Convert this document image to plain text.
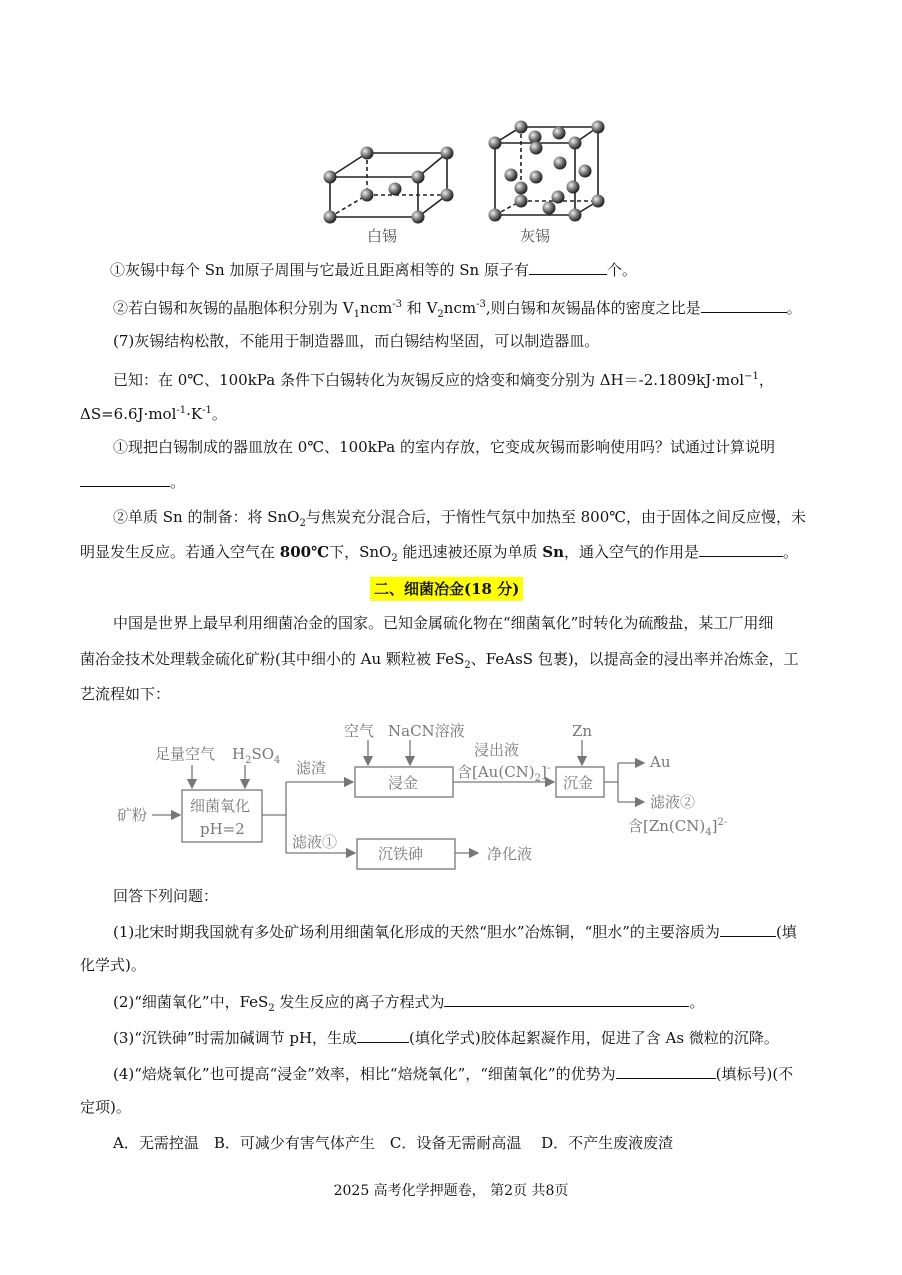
白锡	灰锡
①灰锡中每个 Sn 加原子周围与它最近且距离相等的 Sn 原子有	个。
②若白锡和灰锡的晶胞体积分别为 $V_1ncm^{-3}$ 和 $V_2ncm^{-3}$,则白锡和灰锡晶体的密度之比是	。
(7)灰锡结构松散，不能用于制造器皿，而白锡结构坚固，可以制造器皿。
已知：在 0℃、100kPa 条件下白锡转化为灰锡反应的焓变和熵变分别为 ΔH＝-2.1809kJ·mol$^{-1}$，
$\Delta S=6.6J\cdot mol^{-1}\cdot K^{-1}$。
①现把白锡制成的器皿放在 0℃、100kPa 的室内存放，它变成灰锡而影响使用吗？试通过计算说明
。
②单质 Sn 的制备：将 SnO$_2$与焦炭充分混合后，于惰性气氛中加热至 800℃，由于固体之间反应慢，未
明显发生反应。若通入空气在 800℃下，SnO$_2$ 能迅速被还原为单质 Sn，通入空气的作用是	。
二、细菌冶金(18 分)
中国是世界上最早利用细菌冶金的国家。已知金属硫化物在“细菌氧化”时转化为硫酸盐，某工厂用细
菌冶金技术处理载金硫化矿粉(其中细小的 Au 颗粒被 FeS$_2$、FeAsS 包裹)，以提高金的浸出率并冶炼金，工
艺流程如下：
矿粉
足量空气 $H_2SO_4$
细菌氧化
pH=2
滤渣
空气 NaCN溶液
浸金
浸出液
含$[Au(CN)_2]^-$
Zn
沉金
Au
滤液②
含$[Zn(CN)_4]^{2-}$
滤液①
沉铁砷	净化液
回答下列问题：
(1)北宋时期我国就有多处矿场利用细菌氧化形成的天然“胆水”冶炼铜，“胆水”的主要溶质为	(填
化学式)。
(2)“细菌氧化”中，FeS$_2$ 发生反应的离子方程式为	。
(3)“沉铁砷”时需加碱调节 pH，生成	(填化学式)胶体起絮凝作用，促进了含 As 微粒的沉降。
(4)“焙烧氧化”也可提高“浸金”效率，相比“焙烧氧化”，“细菌氧化”的优势为	(填标号)(不
定项)。
A．无需控温　B．可减少有害气体产生　C．设备无需耐高温　 D．不产生废液废渣
2025 高考化学押题卷， 第2页 共8页
